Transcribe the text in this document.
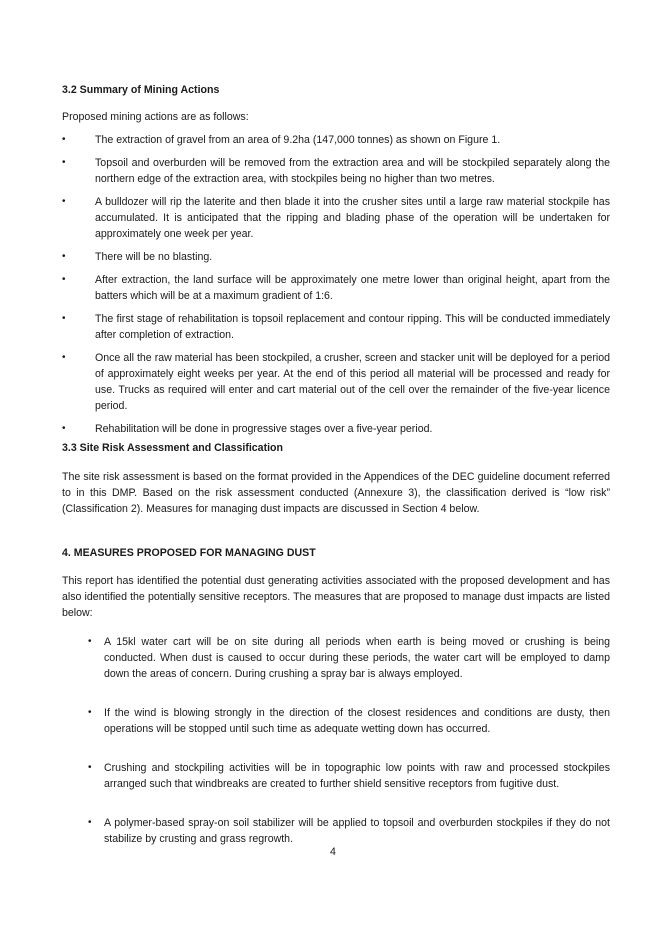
3.2 Summary of Mining Actions
Proposed mining actions are as follows:
•	The extraction of gravel from an area of 9.2ha (147,000 tonnes) as shown on Figure 1.
•	Topsoil and overburden will be removed from the extraction area and will be stockpiled separately along the northern edge of the extraction area, with stockpiles being no higher than two metres.
•	A bulldozer will rip the laterite and then blade it into the crusher sites until a large raw material stockpile has accumulated. It is anticipated that the ripping and blading phase of the operation will be undertaken for approximately one week per year.
•	There will be no blasting.
•	After extraction, the land surface will be approximately one metre lower than original height, apart from the batters which will be at a maximum gradient of 1:6.
•	The first stage of rehabilitation is topsoil replacement and contour ripping. This will be conducted immediately after completion of extraction.
•	Once all the raw material has been stockpiled, a crusher, screen and stacker unit will be deployed for a period of approximately eight weeks per year. At the end of this period all material will be processed and ready for use. Trucks as required will enter and cart material out of the cell over the remainder of the five-year licence period.
•	Rehabilitation will be done in progressive stages over a five-year period.
3.3 Site Risk Assessment and Classification
The site risk assessment is based on the format provided in the Appendices of the DEC guideline document referred to in this DMP. Based on the risk assessment conducted (Annexure 3), the classification derived is “low risk” (Classification 2). Measures for managing dust impacts are discussed in Section 4 below.
4. MEASURES PROPOSED FOR MANAGING DUST
This report has identified the potential dust generating activities associated with the proposed development and has also identified the potentially sensitive receptors. The measures that are proposed to manage dust impacts are listed below:
• A 15kl water cart will be on site during all periods when earth is being moved or crushing is being conducted. When dust is caused to occur during these periods, the water cart will be employed to damp down the areas of concern. During crushing a spray bar is always employed.
• If the wind is blowing strongly in the direction of the closest residences and conditions are dusty, then operations will be stopped until such time as adequate wetting down has occurred.
• Crushing and stockpiling activities will be in topographic low points with raw and processed stockpiles arranged such that windbreaks are created to further shield sensitive receptors from fugitive dust.
• A polymer-based spray-on soil stabilizer will be applied to topsoil and overburden stockpiles if they do not stabilize by crusting and grass regrowth.
4
